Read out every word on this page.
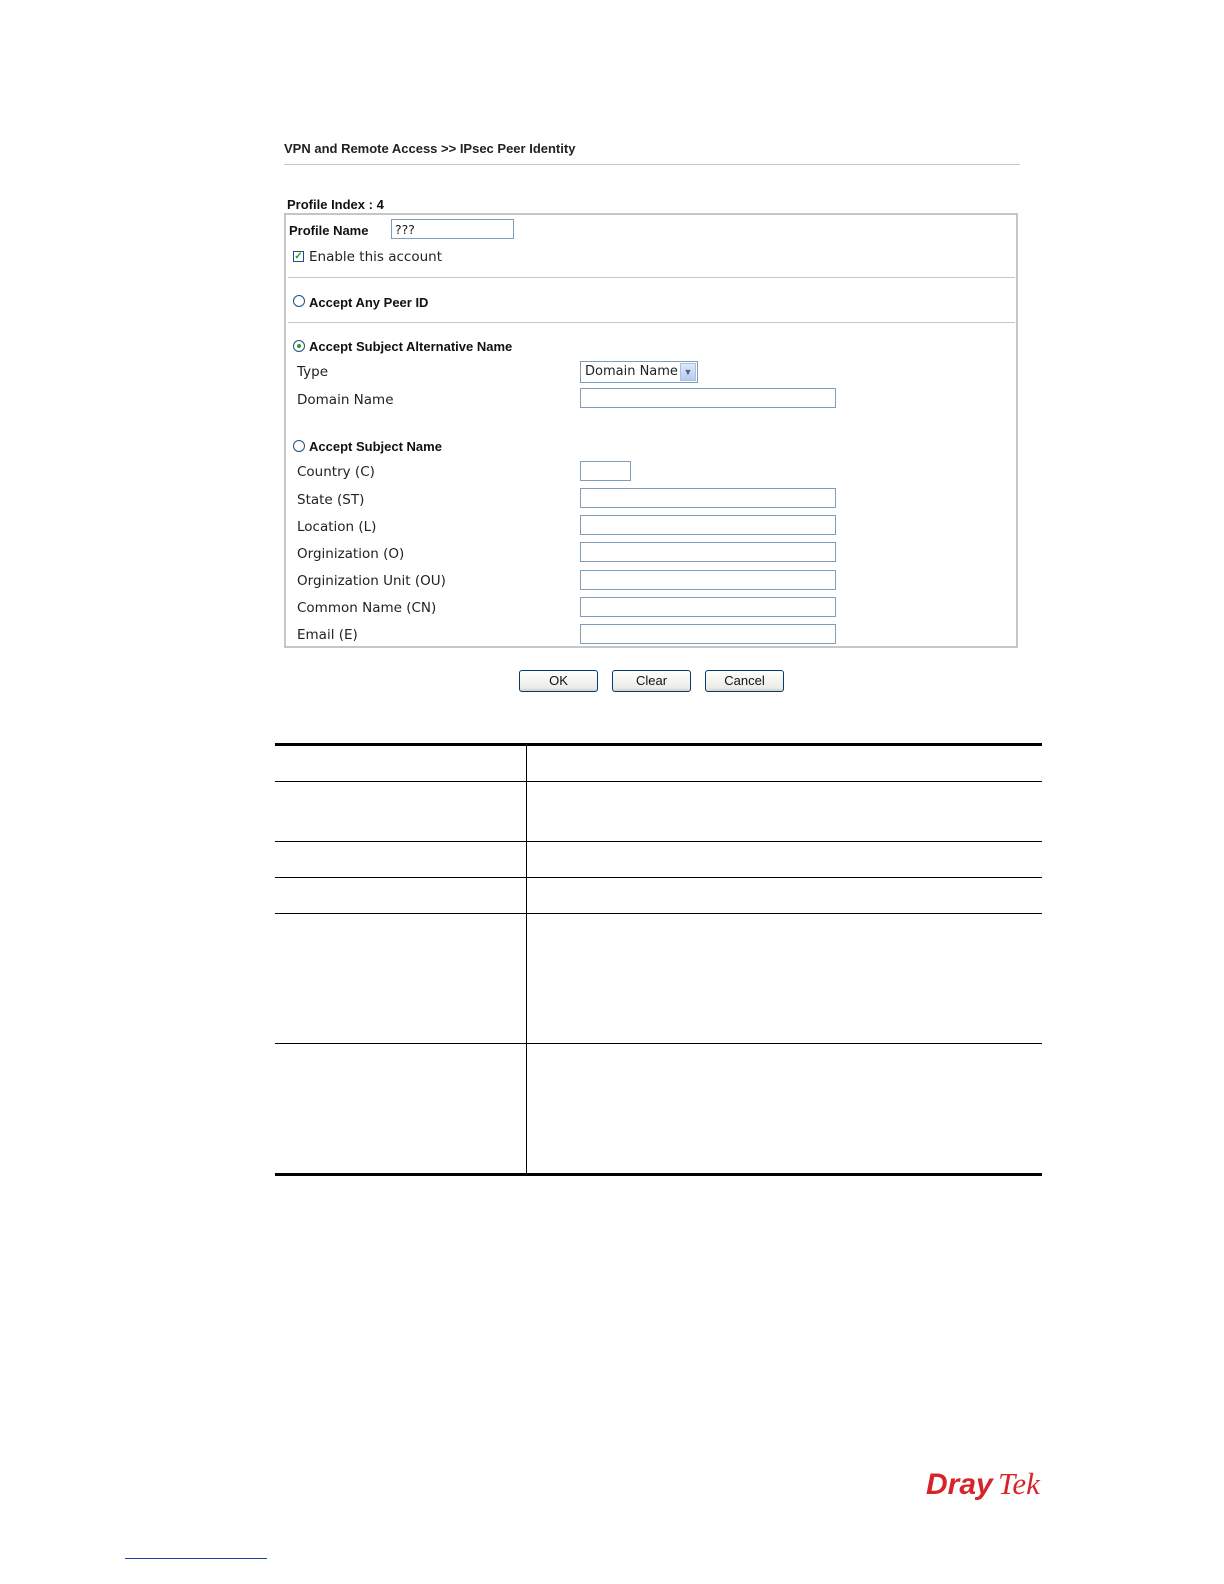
VPN and Remote Access >> IPsec Peer Identity
Profile Index : 4
Profile Name
???
✓ Enable this account
Accept Any Peer ID
Accept Subject Alternative Name
Type	Domain Name ▼
Domain Name
Accept Subject Name
Country (C)
State (ST)
Location (L)
Orginization (O)
Orginization Unit (OU)
Common Name (CN)
Email (E)
OK	Clear	Cancel
Dray Tek
